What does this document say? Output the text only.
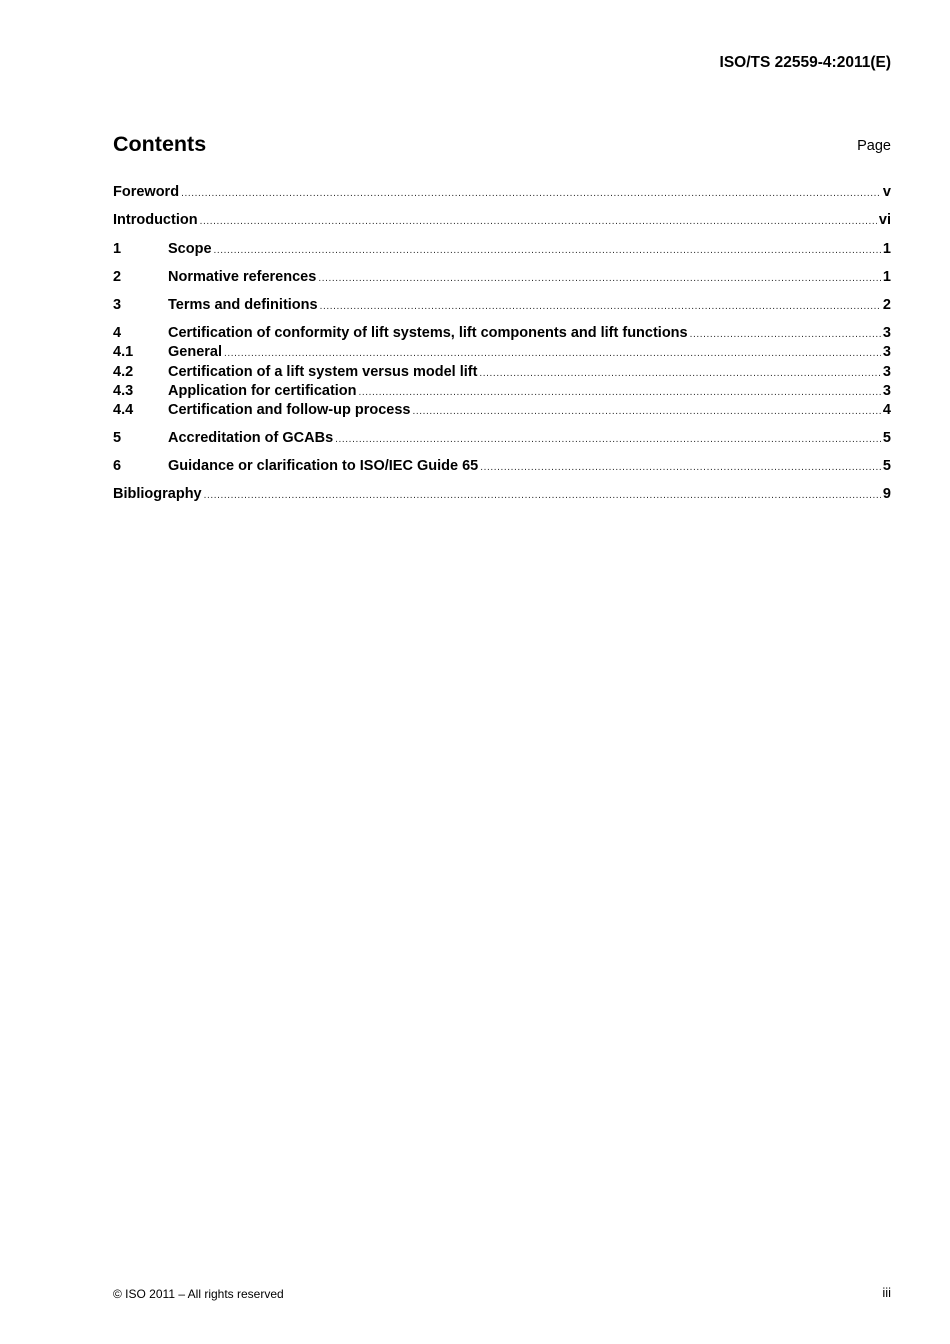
ISO/TS 22559-4:2011(E)
Contents	Page
Foreword .....	v
Introduction .....	vi
1	Scope .....	1
2	Normative references .....	1
3	Terms and definitions .....	2
4	Certification of conformity of lift systems, lift components and lift functions .....	3
4.1	General .....	3
4.2	Certification of a lift system versus model lift .....	3
4.3	Application for certification .....	3
4.4	Certification and follow-up process .....	4
5	Accreditation of GCABs .....	5
6	Guidance or clarification to ISO/IEC Guide 65 .....	5
Bibliography .....	9
© ISO 2011 – All rights reserved	iii
